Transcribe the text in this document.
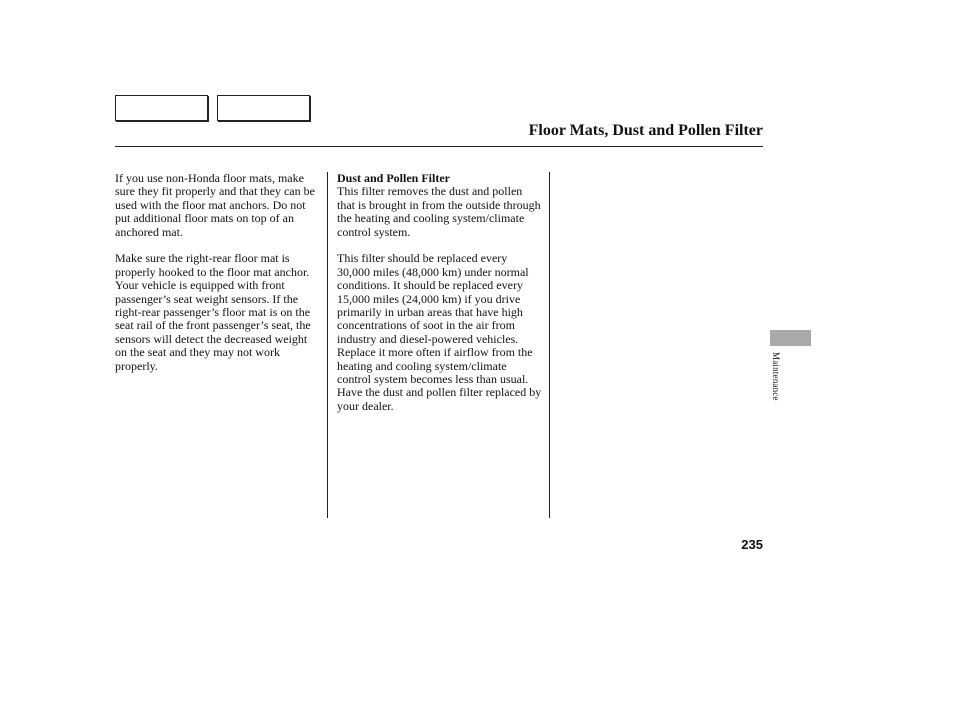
Floor Mats, Dust and Pollen Filter

If you use non-Honda floor mats, make sure they fit properly and that they can be used with the floor mat anchors. Do not put additional floor mats on top of an anchored mat.

Make sure the right-rear floor mat is properly hooked to the floor mat anchor. Your vehicle is equipped with front passenger’s seat weight sensors. If the right-rear passenger’s floor mat is on the seat rail of the front passenger’s seat, the sensors will detect the decreased weight on the seat and they may not work properly.

Dust and Pollen Filter
This filter removes the dust and pollen that is brought in from the outside through the heating and cooling system/climate control system.

This filter should be replaced every 30,000 miles (48,000 km) under normal conditions. It should be replaced every 15,000 miles (24,000 km) if you drive primarily in urban areas that have high concentrations of soot in the air from industry and diesel-powered vehicles. Replace it more often if airflow from the heating and cooling system/climate control system becomes less than usual. Have the dust and pollen filter replaced by your dealer.

Maintenance
235
